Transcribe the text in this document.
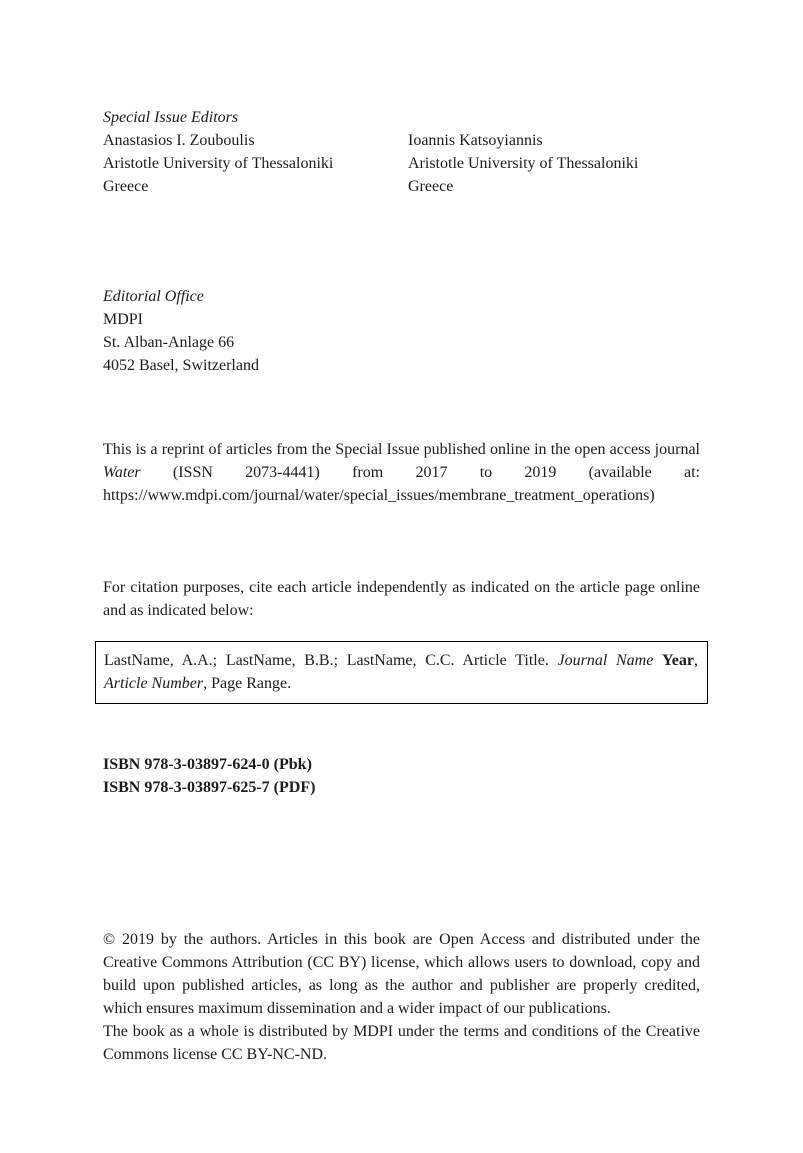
Special Issue Editors
Anastasios I. Zouboulis
Aristotle University of Thessaloniki
Greece
Ioannis Katsoyiannis
Aristotle University of Thessaloniki
Greece
Editorial Office
MDPI
St. Alban-Anlage 66
4052 Basel, Switzerland

This is a reprint of articles from the Special Issue published online in the open access journal Water (ISSN 2073-4441) from 2017 to 2019 (available at: https://www.mdpi.com/journal/water/special_issues/membrane_treatment_operations)

For citation purposes, cite each article independently as indicated on the article page online and as indicated below:

LastName, A.A.; LastName, B.B.; LastName, C.C. Article Title. Journal Name Year, Article Number, Page Range.
ISBN 978-3-03897-624-0 (Pbk)
ISBN 978-3-03897-625-7 (PDF)

© 2019 by the authors. Articles in this book are Open Access and distributed under the Creative Commons Attribution (CC BY) license, which allows users to download, copy and build upon published articles, as long as the author and publisher are properly credited, which ensures maximum dissemination and a wider impact of our publications.

The book as a whole is distributed by MDPI under the terms and conditions of the Creative Commons license CC BY-NC-ND.
